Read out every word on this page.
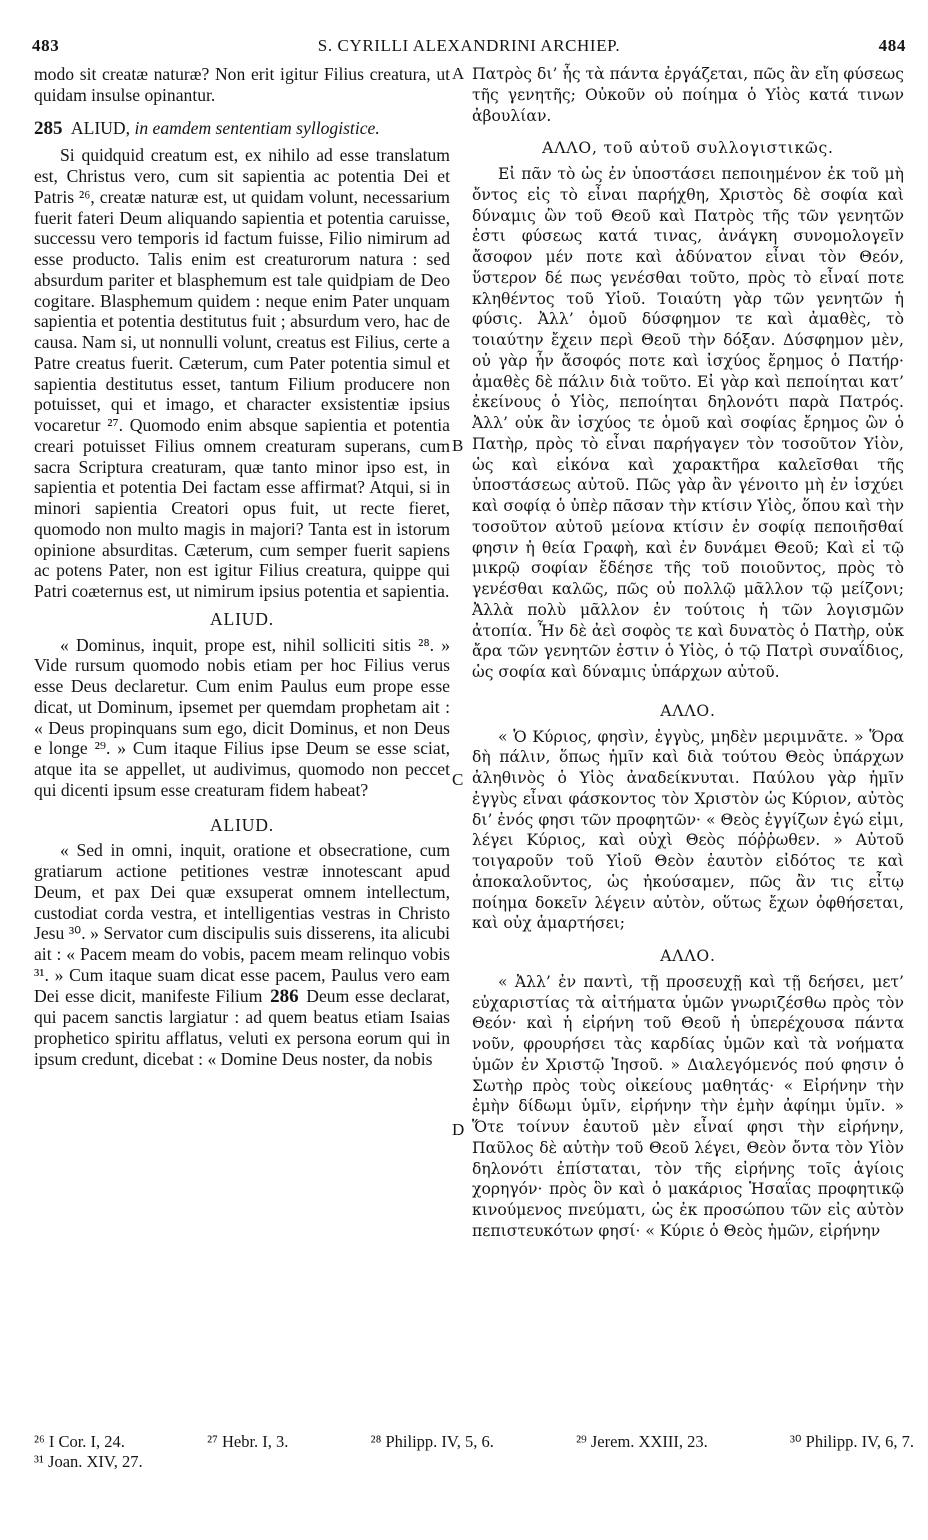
483	S. CYRILLI ALEXANDRINI ARCHIEP.	484

modo sit creatæ naturæ? Non erit igitur Filius creatura, ut quidam insulse opinantur.

285 ALIUD, in eamdem sententiam syllogistice.

Si quidquid creatum est, ex nihilo ad esse translatum est, Christus vero, cum sit sapientia ac potentia Dei et Patris ²⁶, creatæ naturæ est, ut quidam volunt, necessarium fuerit fateri Deum aliquando sapientia et potentia caruisse, successu vero temporis id factum fuisse, Filio nimirum ad esse producto. Talis enim est creaturorum natura : sed absurdum pariter et blasphemum est tale quidpiam de Deo cogitare. Blasphemum quidem : neque enim Pater unquam sapientia et potentia destitutus fuit ; absurdum vero, hac de causa. Nam si, ut nonnulli volunt, creatus est Filius, certe a Patre creatus fuerit. Cæterum, cum Pater potentia simul et sapientia destitutus esset, tantum Filium producere non potuisset, qui et imago, et character exsistentiæ ipsius vocaretur ²⁷. Quomodo enim absque sapientia et potentia creari potuisset Filius omnem creaturam superans, cum sacra Scriptura creaturam, quæ tanto minor ipso est, in sapientia et potentia Dei factam esse affirmat? Atqui, si in minori sapientia Creatori opus fuit, ut recte fieret, quomodo non multo magis in majori? Tanta est in istorum opinione absurditas. Cæterum, cum semper fuerit sapiens ac potens Pater, non est igitur Filius creatura, quippe qui Patri coæternus est, ut nimirum ipsius potentia et sapientia.

ALIUD.

« Dominus, inquit, prope est, nihil solliciti sitis ²⁸. » Vide rursum quomodo nobis etiam per hoc Filius verus esse Deus declaretur. Cum enim Paulus eum prope esse dicat, ut Dominum, ipsemet per quemdam prophetam ait : « Deus propinquans sum ego, dicit Dominus, et non Deus e longe ²⁹. » Cum itaque Filius ipse Deum se esse sciat, atque ita se appellet, ut audivimus, quomodo non peccet qui dicenti ipsum esse creaturam fidem habeat?

ALIUD.

« Sed in omni, inquit, oratione et obsecratione, cum gratiarum actione petitiones vestræ innotescant apud Deum, et pax Dei quæ exsuperat omnem intellectum, custodiat corda vestra, et intelligentias vestras in Christo Jesu ³⁰. » Servator cum discipulis suis disserens, ita alicubi ait : « Pacem meam do vobis, pacem meam relinquo vobis ³¹. » Cum itaque suam dicat esse pacem, Paulus vero eam Dei esse dicit, manifeste Filium 286 Deum esse declarat, qui pacem sanctis largiatur : ad quem beatus etiam Isaias prophetico spiritu afflatus, veluti ex persona eorum qui in ipsum credunt, dicebat : « Domine Deus noster, da nobis

A
B
C
D

Πατρὸς δι’ ἧς τὰ πάντα ἐργάζεται, πῶς ἂν εἴη φύσεως τῆς γενητῆς; Οὐκοῦν οὐ ποίημα ὁ Υἱὸς κατά τινων ἀβουλίαν.

ΑΛΛΟ, τοῦ αὐτοῦ συλλογιστικῶς.

Εἰ πᾶν τὸ ὡς ἐν ὑποστάσει πεποιημένον ἐκ τοῦ μὴ ὄντος εἰς τὸ εἶναι παρήχθη, Χριστὸς δὲ σοφία καὶ δύναμις ὢν τοῦ Θεοῦ καὶ Πατρὸς τῆς τῶν γενητῶν ἐστι φύσεως κατά τινας, ἀνάγκη συνομολογεῖν ἄσοφον μέν ποτε καὶ ἀδύνατον εἶναι τὸν Θεόν, ὕστερον δέ πως γενέσθαι τοῦτο, πρὸς τὸ εἶναί ποτε κληθέντος τοῦ Υἱοῦ. Τοιαύτη γὰρ τῶν γενητῶν ἡ φύσις. Ἀλλ’ ὁμοῦ δύσφημον τε καὶ ἀμαθὲς, τὸ τοιαύτην ἔχειν περὶ Θεοῦ τὴν δόξαν. Δύσφημον μὲν, οὐ γὰρ ἦν ἄσοφός ποτε καὶ ἰσχύος ἔρημος ὁ Πατήρ· ἀμαθὲς δὲ πάλιν διὰ τοῦτο. Εἰ γὰρ καὶ πεποίηται κατ’ ἐκείνους ὁ Υἱὸς, πεποίηται δηλονότι παρὰ Πατρός. Ἀλλ’ οὐκ ἂν ἰσχύος τε ὁμοῦ καὶ σοφίας ἔρημος ὢν ὁ Πατὴρ, πρὸς τὸ εἶναι παρήγαγεν τὸν τοσοῦτον Υἱὸν, ὡς καὶ εἰκόνα καὶ χαρακτῆρα καλεῖσθαι τῆς ὑποστάσεως αὐτοῦ. Πῶς γὰρ ἂν γένοιτο μὴ ἐν ἰσχύει καὶ σοφίᾳ ὁ ὑπὲρ πᾶσαν τὴν κτίσιν Υἱὸς, ὅπου καὶ τὴν τοσοῦτον αὐτοῦ μείονα κτίσιν ἐν σοφίᾳ πεποιῆσθαί φησιν ἡ θεία Γραφὴ, καὶ ἐν δυνάμει Θεοῦ; Καὶ εἰ τῷ μικρῷ σοφίαν ἔδέησε τῆς τοῦ ποιοῦντος, πρὸς τὸ γενέσθαι καλῶς, πῶς οὐ πολλῷ μᾶλλον τῷ μείζονι; Ἀλλὰ πολὺ μᾶλλον ἐν τούτοις ἡ τῶν λογισμῶν ἀτοπία. Ἦν δὲ ἀεὶ σοφὸς τε καὶ δυνατὸς ὁ Πατὴρ, οὐκ ἄρα τῶν γενητῶν ἐστιν ὁ Υἱὸς, ὁ τῷ Πατρὶ συναΐδιος, ὡς σοφία καὶ δύναμις ὑπάρχων αὐτοῦ.

ΑΛΛΟ.

« Ὁ Κύριος, φησὶν, ἐγγὺς, μηδὲν μεριμνᾶτε. » Ὅρα δὴ πάλιν, ὅπως ἡμῖν καὶ διὰ τούτου Θεὸς ὑπάρχων ἀληθινὸς ὁ Υἱὸς ἀναδείκνυται. Παύλου γὰρ ἡμῖν ἐγγὺς εἶναι φάσκοντος τὸν Χριστὸν ὡς Κύριον, αὐτὸς δι’ ἑνός φησι τῶν προφητῶν· « Θεὸς ἐγγίζων ἐγώ εἰμι, λέγει Κύριος, καὶ οὐχὶ Θεὸς πόῤῥωθεν. » Αὐτοῦ τοιγαροῦν τοῦ Υἱοῦ Θεὸν ἑαυτὸν εἰδότος τε καὶ ἀποκαλοῦντος, ὡς ἠκούσαμεν, πῶς ἂν τις εἶτῳ ποίημα δοκεῖν λέγειν αὐτὸν, οὕτως ἔχων ὀφθήσεται, καὶ οὐχ ἁμαρτήσει;

ΑΛΛΟ.

« Ἀλλ’ ἐν παντὶ, τῇ προσευχῇ καὶ τῇ δεήσει, μετ’ εὐχαριστίας τὰ αἰτήματα ὑμῶν γνωριζέσθω πρὸς τὸν Θεόν· καὶ ἡ εἰρήνη τοῦ Θεοῦ ἡ ὑπερέχουσα πάντα νοῦν, φρουρήσει τὰς καρδίας ὑμῶν καὶ τὰ νοήματα ὑμῶν ἐν Χριστῷ Ἰησοῦ. » Διαλεγόμενός πού φησιν ὁ Σωτὴρ πρὸς τοὺς οἰκείους μαθητάς· « Εἰρήνην τὴν ἐμὴν δίδωμι ὑμῖν, εἰρήνην τὴν ἐμὴν ἀφίημι ὑμῖν. » Ὅτε τοίνυν ἑαυτοῦ μὲν εἶναί φησι τὴν εἰρήνην, Παῦλος δὲ αὐτὴν τοῦ Θεοῦ λέγει, Θεὸν ὄντα τὸν Υἱὸν δηλονότι ἐπίσταται, τὸν τῆς εἰρήνης τοῖς ἁγίοις χορηγόν· πρὸς ὃν καὶ ὁ μακάριος Ἡσαΐας προφητικῷ κινούμενος πνεύματι, ὡς ἐκ προσώπου τῶν εἰς αὐτὸν πεπιστευκότων φησί· « Κύριε ὁ Θεὸς ἡμῶν, εἰρήνην

²⁶ I Cor. I, 24.	²⁷ Hebr. I, 3.	²⁸ Philipp. IV, 5, 6.	²⁹ Jerem. XXIII, 23.	³⁰ Philipp. IV, 6, 7.
³¹ Joan. XIV, 27.
